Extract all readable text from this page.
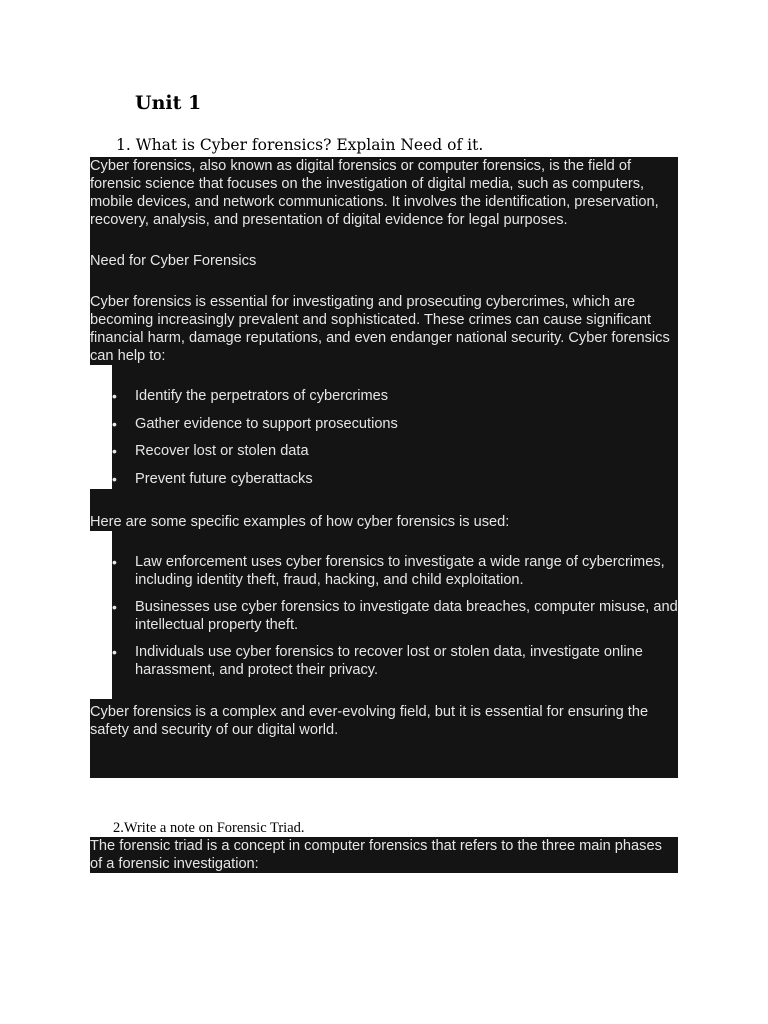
Unit 1

1. What is Cyber forensics? Explain Need of it.

Cyber forensics, also known as digital forensics or computer forensics, is the field of forensic science that focuses on the investigation of digital media, such as computers, mobile devices, and network communications. It involves the identification, preservation, recovery, analysis, and presentation of digital evidence for legal purposes.

Need for Cyber Forensics

Cyber forensics is essential for investigating and prosecuting cybercrimes, which are becoming increasingly prevalent and sophisticated. These crimes can cause significant financial harm, damage reputations, and even endanger national security. Cyber forensics can help to:

• Identify the perpetrators of cybercrimes
• Gather evidence to support prosecutions
• Recover lost or stolen data
• Prevent future cyberattacks

Here are some specific examples of how cyber forensics is used:

• Law enforcement uses cyber forensics to investigate a wide range of cybercrimes, including identity theft, fraud, hacking, and child exploitation.
• Businesses use cyber forensics to investigate data breaches, computer misuse, and intellectual property theft.
• Individuals use cyber forensics to recover lost or stolen data, investigate online harassment, and protect their privacy.

Cyber forensics is a complex and ever-evolving field, but it is essential for ensuring the safety and security of our digital world.

2.Write a note on Forensic Triad.

The forensic triad is a concept in computer forensics that refers to the three main phases of a forensic investigation:
